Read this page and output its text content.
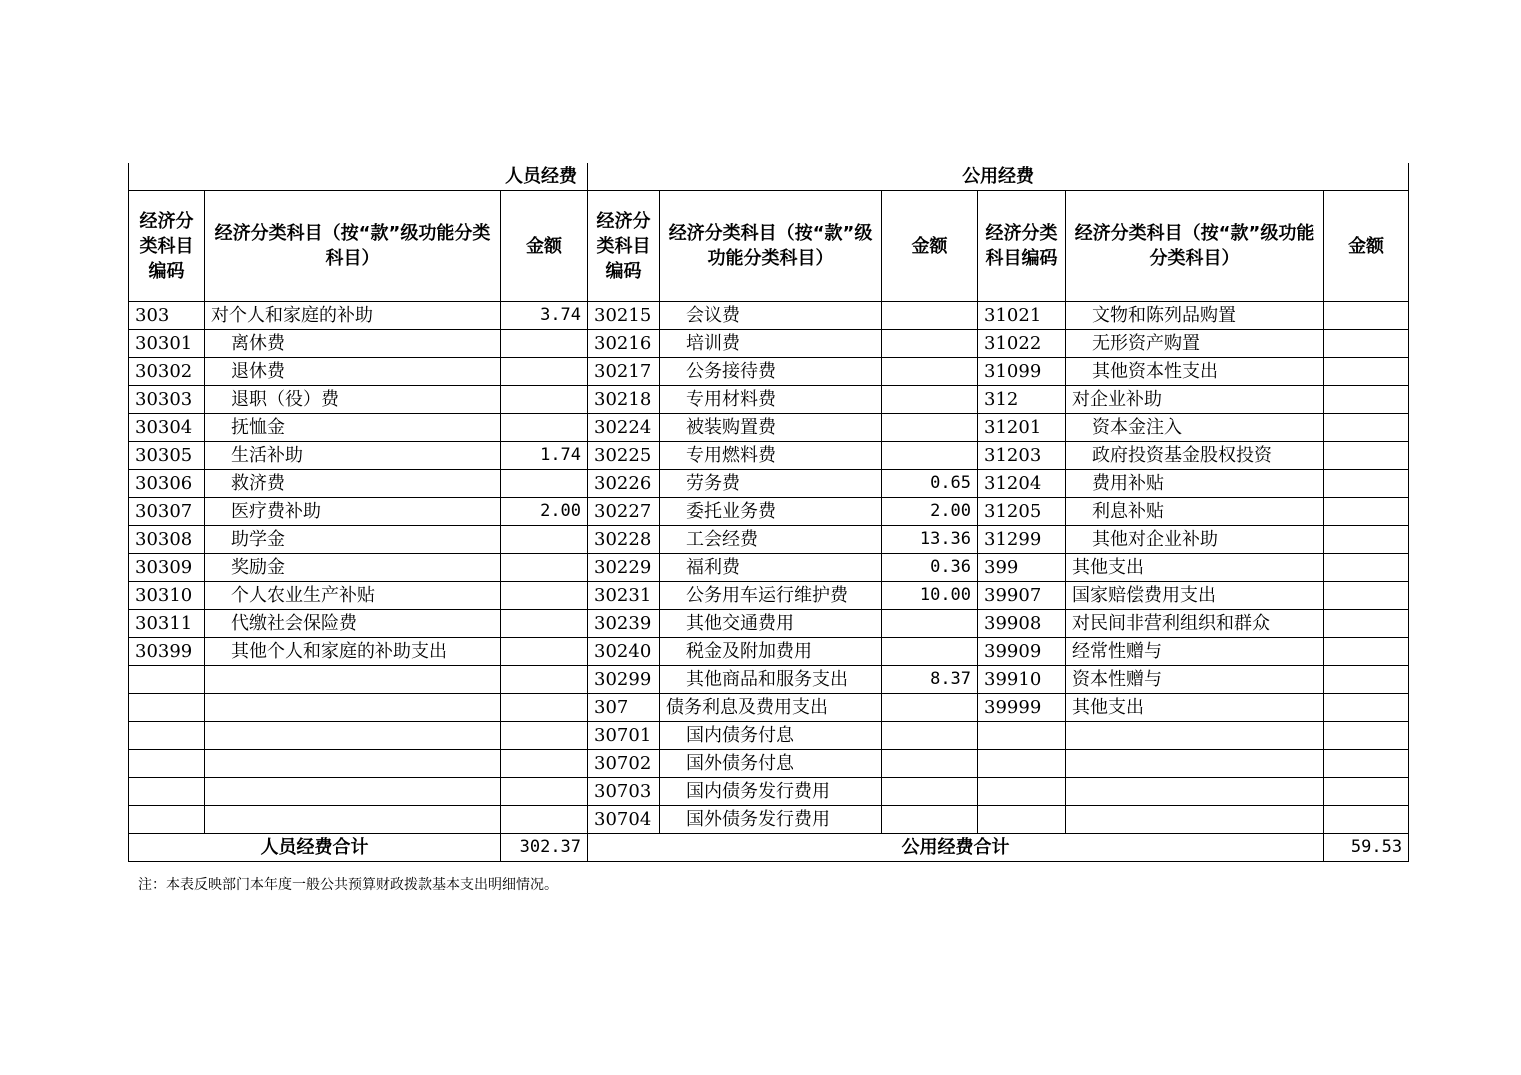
人员经费			公用经费					
经济分类科目编码	经济分类科目（按“款”级功能分类科目）	金额	经济分类科目编码	经济分类科目（按“款”级功能分类科目）	金额	经济分类科目编码	经济分类科目（按“款”级功能分类科目）	金额
303	对个人和家庭的补助	3.74	30215	会议费		31021	文物和陈列品购置	
30301	离休费		30216	培训费		31022	无形资产购置	
30302	退休费		30217	公务接待费		31099	其他资本性支出	
30303	退职（役）费		30218	专用材料费		312	对企业补助	
30304	抚恤金		30224	被装购置费		31201	资本金注入	
30305	生活补助	1.74	30225	专用燃料费		31203	政府投资基金股权投资	
30306	救济费		30226	劳务费	0.65	31204	费用补贴	
30307	医疗费补助	2.00	30227	委托业务费	2.00	31205	利息补贴	
30308	助学金		30228	工会经费	13.36	31299	其他对企业补助	
30309	奖励金		30229	福利费	0.36	399	其他支出	
30310	个人农业生产补贴		30231	公务用车运行维护费	10.00	39907	国家赔偿费用支出	
30311	代缴社会保险费		30239	其他交通费用		39908	对民间非营利组织和群众	
30399	其他个人和家庭的补助支出		30240	税金及附加费用		39909	经常性赠与	
			30299	其他商品和服务支出	8.37	39910	资本性赠与	
			307	债务利息及费用支出		39999	其他支出	
			30701	国内债务付息				
			30702	国外债务付息				
			30703	国内债务发行费用				
			30704	国外债务发行费用				
人员经费合计		302.37	公用经费合计					59.53
注：本表反映部门本年度一般公共预算财政拨款基本支出明细情况。
